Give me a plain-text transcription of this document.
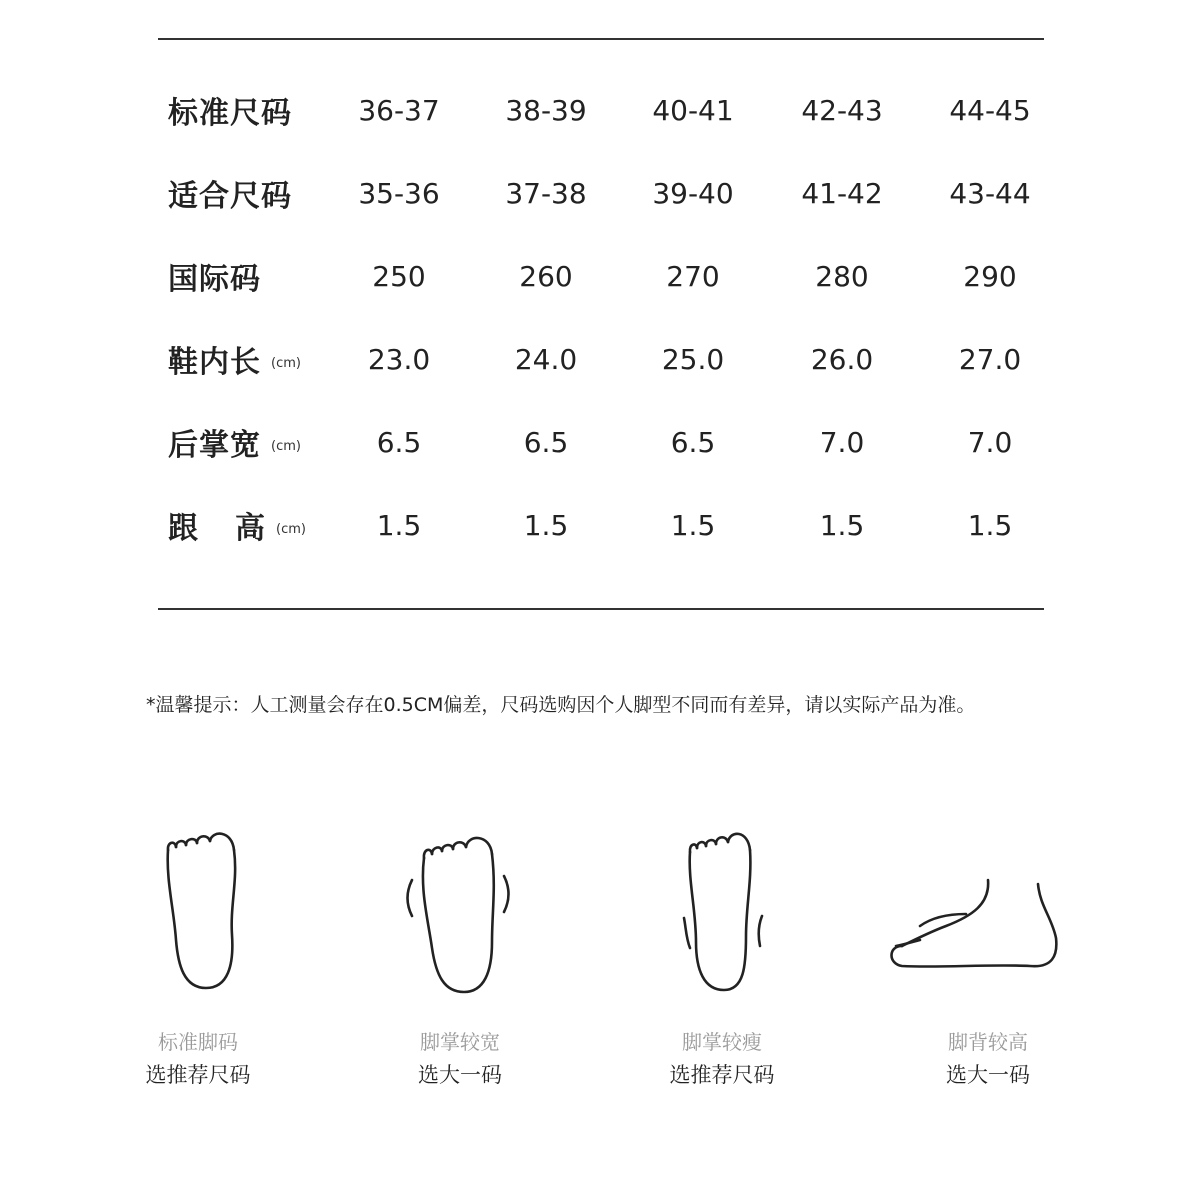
标准尺码	36-37	38-39	40-41	42-43	44-45
适合尺码	35-36	37-38	39-40	41-42	43-44
国际码	250	260	270	280	290
鞋内长 (cm)	23.0	24.0	25.0	26.0	27.0
后掌宽 (cm)	6.5	6.5	6.5	7.0	7.0
跟 高 (cm)	1.5	1.5	1.5	1.5	1.5
*温馨提示：人工测量会存在0.5CM偏差，尺码选购因个人脚型不同而有差异，请以实际产品为准。
标准脚码
选推荐尺码
脚掌较宽
选大一码
脚掌较瘦
选推荐尺码
脚背较高
选大一码
